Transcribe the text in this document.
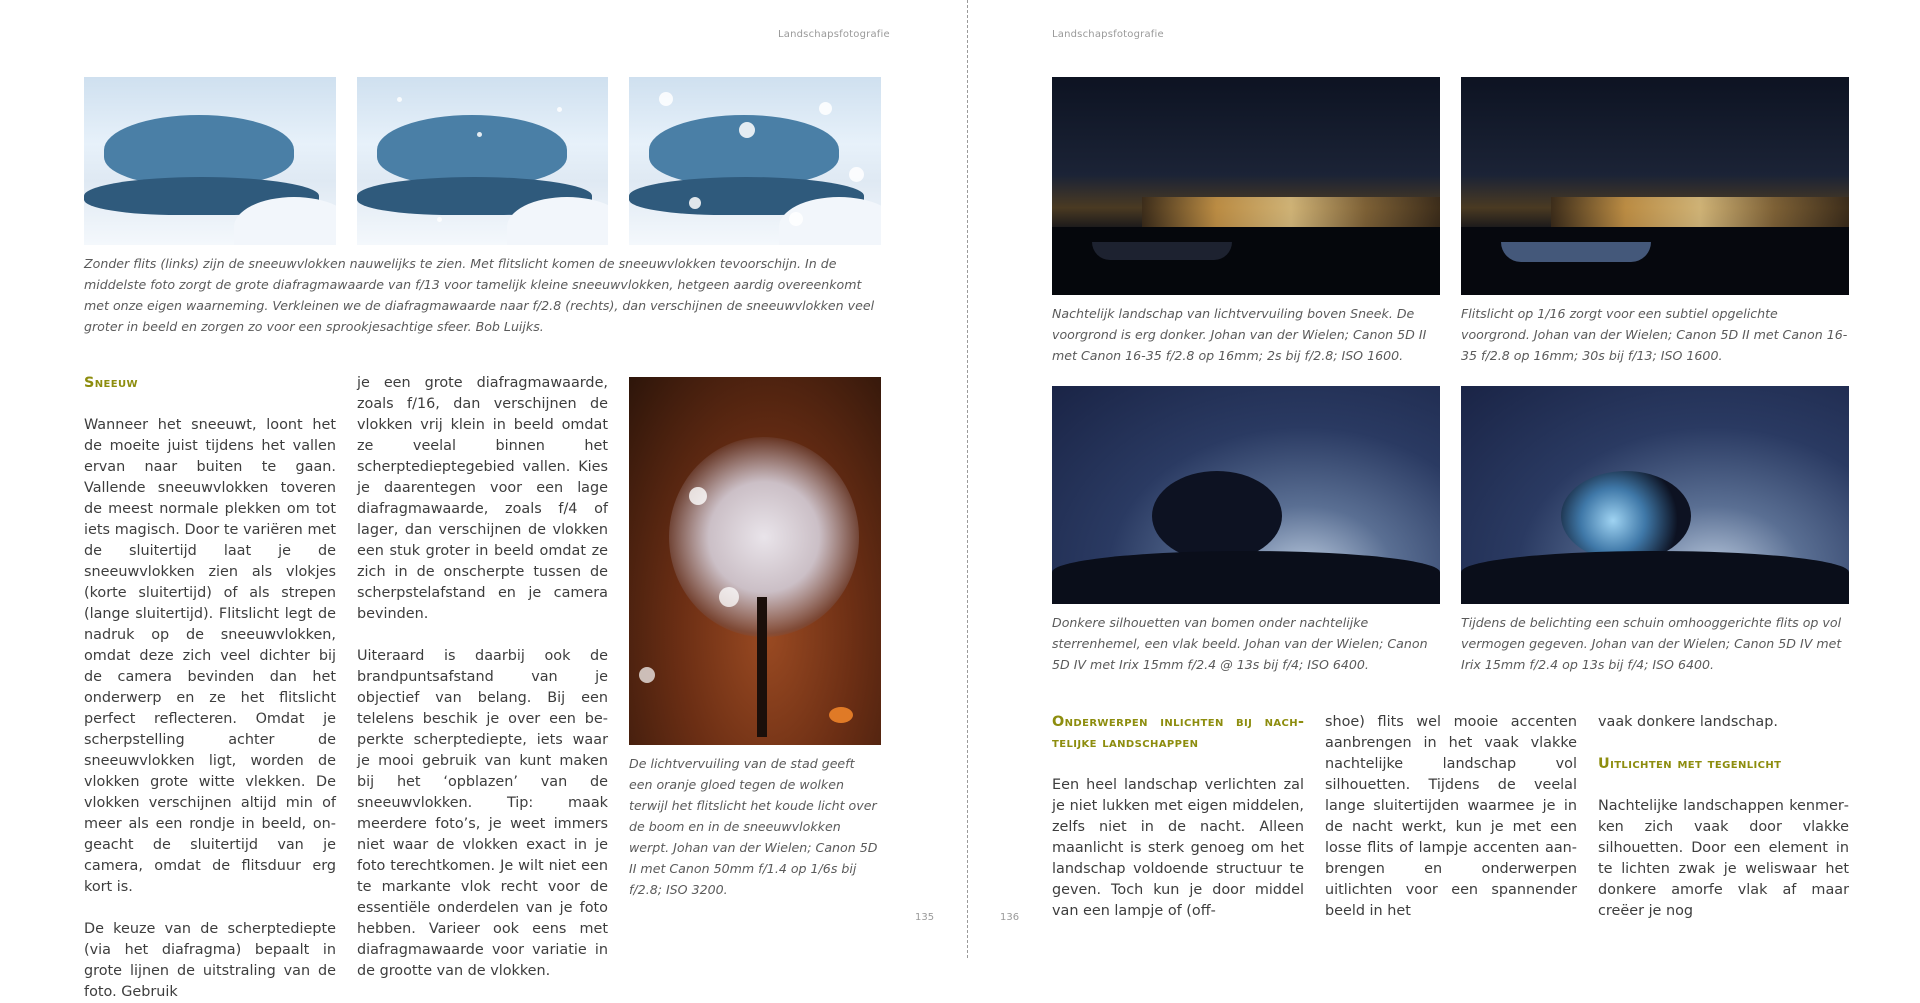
Landschapsfotografie

Zonder flits (links) zijn de sneeuwvlokken nauwelijks te zien. Met flitslicht komen de sneeuwvlokken tevoorschijn. In de middelste foto zorgt de grote diafragmawaarde van f/13 voor tamelijk kleine sneeuwvlokken, hetgeen aardig overeenkomt met onze eigen waarneming. Verkleinen we de diafragmawaarde naar f/2.8 (rechts), dan verschijnen de sneeuwvlokken veel groter in beeld en zorgen zo voor een sprookjesachtige sfeer. Bob Luijks.

Sneeuw

Wanneer het sneeuwt, loont het de moeite juist tijdens het vallen ervan naar buiten te gaan. Vallende sneeuwvlokken toveren de meest normale plekken om tot iets magisch. Door te variëren met de sluitertijd laat je de sneeuwvlokken zien als vlokjes (korte sluitertijd) of als strepen (lange sluitertijd). Flitslicht legt de nadruk op de sneeuwvlokken, omdat deze zich veel dichter bij de camera bevinden dan het onderwerp en ze het flitslicht perfect reflecteren. Omdat je scherpstelling achter de sneeuwvlokken ligt, worden de vlokken grote witte vlekken. De vlokken verschijnen altijd min of meer als een rondje in beeld, ongeacht de sluitertijd van je camera, omdat de flitsduur erg kort is.

De keuze van de scherptediepte (via het diafragma) bepaalt in grote lijnen de uitstraling van de foto. Gebruik

je een grote diafragmawaarde, zoals f/16, dan verschijnen de vlokken vrij klein in beeld omdat ze veelal binnen het scherptedieptegebied vallen. Kies je daarentegen voor een lage diafragmawaarde, zoals f/4 of lager, dan verschijnen de vlokken een stuk groter in beeld omdat ze zich in de onscherpte tussen de scherpstelafstand en je camera bevinden.

Uiteraard is daarbij ook de brandpuntsafstand van je objectief van belang. Bij een telelens beschik je over een beperkte scherptediepte, iets waar je mooi gebruik van kunt maken bij het ‘opblazen’ van de sneeuwvlokken. Tip: maak meerdere foto’s, je weet immers niet waar de vlokken exact in je foto terechtkomen. Je wilt niet een te markante vlok recht voor de essentiële onderdelen van je foto hebben. Varieer ook eens met diafragmawaarde voor variatie in de grootte van de vlokken.

De lichtvervuiling van de stad geeft een oranje gloed tegen de wolken terwijl het flitslicht het koude licht over de boom en in de sneeuwvlokken werpt. Johan van der Wielen; Canon 5D II met Canon 50mm f/1.4 op 1/6s bij f/2.8; ISO 3200.

135
Landschapsfotografie

Nachtelijk landschap van lichtvervuiling boven Sneek. De voorgrond is erg donker. Johan van der Wielen; Canon 5D II met Canon 16-35 f/2.8 op 16mm; 2s bij f/2.8; ISO 1600.

Flitslicht op 1/16 zorgt voor een subtiel opgelichte voorgrond. Johan van der Wielen; Canon 5D II met Canon 16-35 f/2.8 op 16mm; 30s bij f/13; ISO 1600.

Donkere silhouetten van bomen onder nachtelijke sterrenhemel, een vlak beeld. Johan van der Wielen; Canon 5D IV met Irix 15mm f/2.4 @ 13s bij f/4; ISO 6400.

Tijdens de belichting een schuin omhooggerichte flits op vol vermogen gegeven. Johan van der Wielen; Canon 5D IV met Irix 15mm f/2.4 op 13s bij f/4; ISO 6400.

Onderwerpen inlichten bij nachtelijke landschappen

Een heel landschap verlichten zal je niet lukken met eigen middelen, zelfs niet in de nacht. Alleen maanlicht is sterk genoeg om het landschap voldoende structuur te geven. Toch kun je door middel van een lampje of (off-

shoe) flits wel mooie accenten aanbrengen in het vaak vlakke nachtelijke landschap vol silhouetten. Tijdens de veelal lange sluitertijden waarmee je in de nacht werkt, kun je met een losse flits of lampje accenten aanbrengen en onderwerpen uitlichten voor een spannender beeld in het

vaak donkere landschap.

Uitlichten met tegenlicht

Nachtelijke landschappen kenmerken zich vaak door vlakke silhouetten. Door een element in te lichten zwak je weliswaar het donkere amorfe vlak af maar creëer je nog

136
